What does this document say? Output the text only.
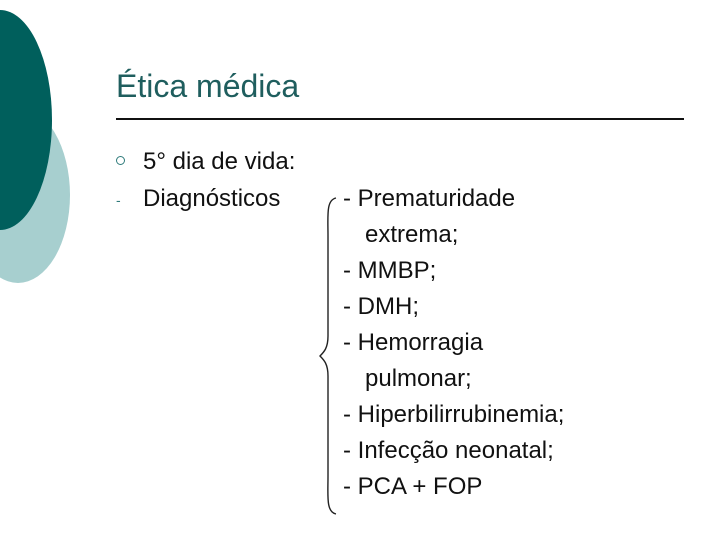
Ética médica
5° dia de vida:
- Diagnósticos	- Prematuridade
extrema;
- MMBP;
- DMH;
- Hemorragia
pulmonar;
- Hiperbilirrubinemia;
- Infecção neonatal;
- PCA + FOP
